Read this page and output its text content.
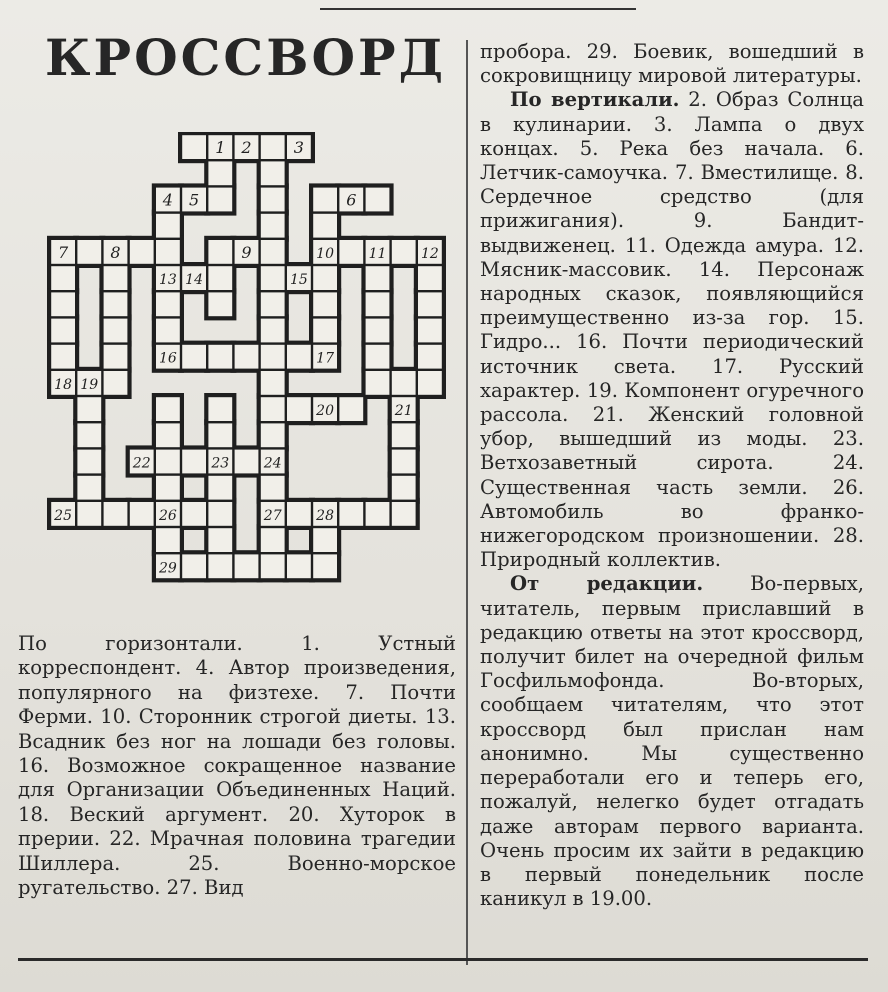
КРОССВОРД
1 2	3
4 5	6
7	8	9	10 11 12
13 14	15
16	17
18 19
20	21
22	23 24
25	26	27 28
29

По горизонтали. 1. Устный корреспондент. 4. Автор произведения, популярного на физтехе. 7. Почти Ферми. 10. Сторонник строгой диеты. 13. Всадник без ног на лошади без головы. 16. Возможное сокращенное название для Организации Объединенных Наций. 18. Веский аргумент. 20. Хуторок в прерии. 22. Мрачная половина трагедии Шиллера. 25. Военно-морское ругательство. 27. Вид

пробора. 29. Боевик, вошедший в сокровищницу мировой литературы.

По вертикали. 2. Образ Солнца в кулинарии. 3. Лампа о двух концах. 5. Река без начала. 6. Летчик-самоучка. 7. Вместилище. 8. Сердечное средство (для прижигания). 9. Бандит-выдвиженец. 11. Одежда амура. 12. Мясник-массовик. 14. Персонаж народных сказок, появляющийся преимущественно из-за гор. 15. Гидро... 16. Почти периодический источник света. 17. Русский характер. 19. Компонент огуречного рассола. 21. Женский головной убор, вышедший из моды. 23. Ветхозаветный сирота. 24. Существенная часть земли. 26. Автомобиль во франко-нижегородском произношении. 28. Природный коллектив.

От редакции. Во-первых, читатель, первым приславший в редакцию ответы на этот кроссворд, получит билет на очередной фильм Госфильмофонда. Во-вторых, сообщаем читателям, что этот кроссворд был прислан нам анонимно. Мы существенно переработали его и теперь его, пожалуй, нелегко будет отгадать даже авторам первого варианта. Очень просим их зайти в редакцию в первый понедельник после каникул в 19.00.
